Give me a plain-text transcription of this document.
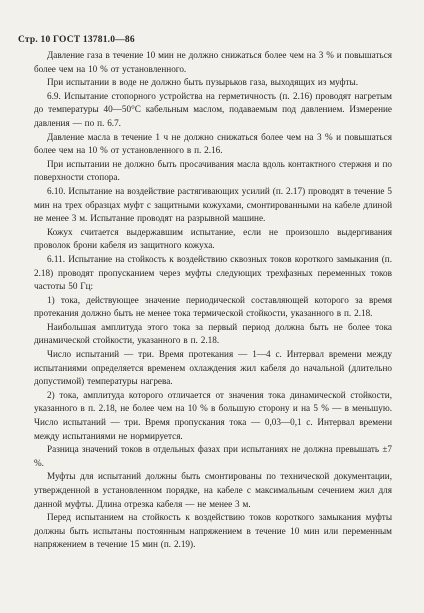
Стр. 10 ГОСТ 13781.0—86

Давление газа в течение 10 мин не должно снижаться более чем на 3 % и повышаться более чем на 10 % от установленного.

При испытании в воде не должно быть пузырьков газа, выходящих из муфты.

6.9. Испытание стопорного устройства на герметичность (п. 2.16) проводят нагретым до температуры 40—50°С кабельным маслом, подаваемым под давлением. Измерение давления — по п. 6.7.

Давление масла в течение 1 ч не должно снижаться более чем на 3 % и повышаться более чем на 10 % от установленного в п. 2.16.

При испытании не должно быть просачивания масла вдоль контактного стержня и по поверхности стопора.

6.10. Испытание на воздействие растягивающих усилий (п. 2.17) проводят в течение 5 мин на трех образцах муфт с защитными кожухами, смонтированными на кабеле длиной не менее 3 м. Испытание проводят на разрывной машине.

Кожух считается выдержавшим испытание, если не произошло выдергивания проволок брони кабеля из защитного кожуха.

6.11. Испытание на стойкость к воздействию сквозных токов короткого замыкания (п. 2.18) проводят пропусканием через муфты следующих трехфазных переменных токов частоты 50 Гц:

1) тока, действующее значение периодической составляющей которого за время протекания должно быть не менее тока термической стойкости, указанного в п. 2.18.

Наибольшая амплитуда этого тока за первый период должна быть не более тока динамической стойкости, указанного в п. 2.18.

Число испытаний — три. Время протекания — 1—4 с. Интервал времени между испытаниями определяется временем охлаждения жил кабеля до начальной (длительно допустимой) температуры нагрева.

2) тока, амплитуда которого отличается от значения тока динамической стойкости, указанного в п. 2.18, не более чем на 10 % в большую сторону и на 5 % — в меньшую. Число испытаний — три. Время пропускания тока — 0,03—0,1 с. Интервал времени между испытаниями не нормируется.

Разница значений токов в отдельных фазах при испытаниях не должна превышать ±7 %.

Муфты для испытаний должны быть смонтированы по технической документации, утвержденной в установленном порядке, на кабеле с максимальным сечением жил для данной муфты. Длина отрезка кабеля — не менее 3 м.

Перед испытанием на стойкость к воздействию токов короткого замыкания муфты должны быть испытаны постоянным напряжением в течение 10 мин или переменным напряжением в течение 15 мин (п. 2.19).
